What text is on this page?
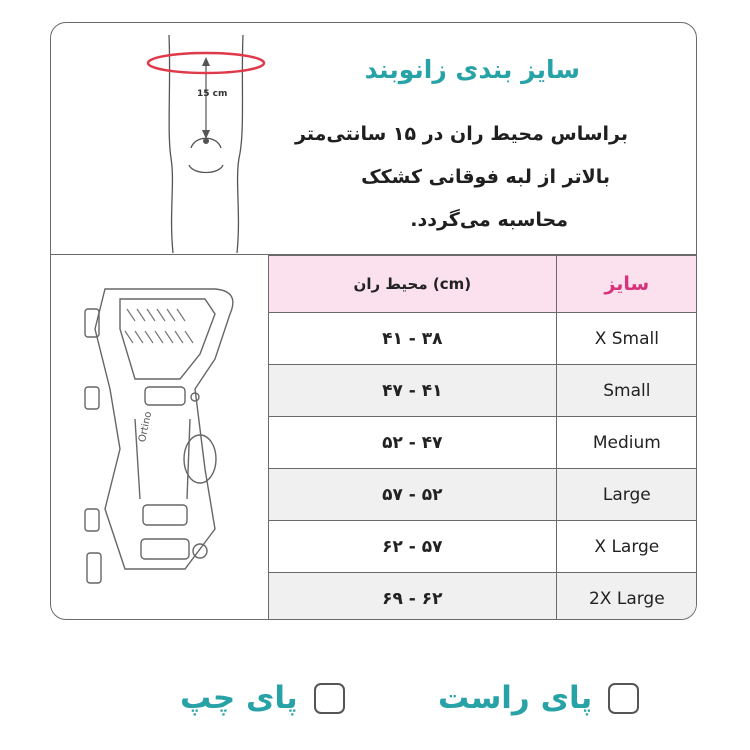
15 cm
سایز بندی زانوبند
براساس محیط ران در ۱۵ سانتی‌متر
بالاتر از لبه فوقانی کشکک
محاسبه می‌گردد.
Ortino
محیط ران (cm)	سایز
۳۸ - ۴۱	X Small
۴۱ - ۴۷	Small
۴۷ - ۵۲	Medium
۵۲ - ۵۷	Large
۵۷ - ۶۲	X Large
۶۲ - ۶۹	2X Large
پای راست
پای چپ
